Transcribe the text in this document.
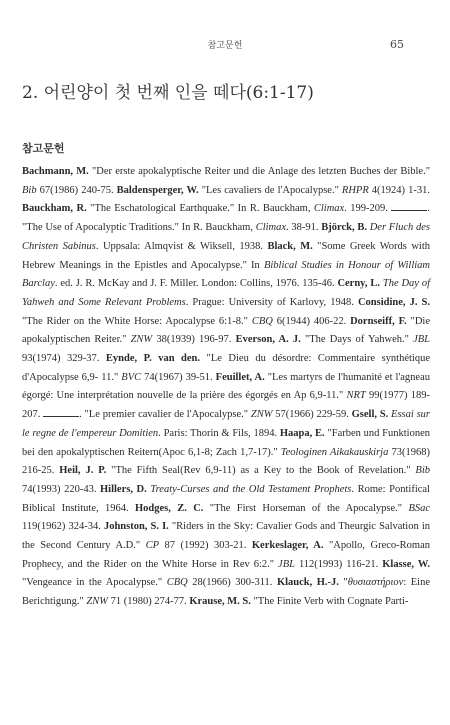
참고문헌	65
2. 어린양이 첫 번째 인을 떼다(6:1-17)
참고문헌
Bachmann, M. "Der erste apokalyptische Reiter und die Anlage des letzten Buches der Bible." Bib 67(1986) 240-75. Baldensperger, W. "Les cavaliers de l'Apocalypse." RHPR 4(1924) 1-31. Bauckham, R. "The Eschatological Earthquake." In R. Bauckham, Climax. 199-209.	. "The Use of Apocalyptic Traditions." In R. Bauckham, Climax. 38-91. Björck, B. Der Fluch des Christen Sabinus. Uppsala: Almqvist & Wiksell, 1938. Black, M. "Some Greek Words with Hebrew Meanings in the Epistles and Apocalypse." In Biblical Studies in Honour of William Barclay. ed. J. R. McKay and J. F. Miller. London: Collins, 1976. 135-46. Cerny, L. The Day of Yahweh and Some Relevant Problems. Prague: University of Karlovy, 1948. Considine, J. S. "The Rider on the White Horse: Apocalypse 6:1-8." CBQ 6(1944) 406-22. Dornseiff, F. "Die apokalyptischen Reiter." ZNW 38(1939) 196-97. Everson, A. J. "The Days of Yahweh." JBL 93(1974) 329-37. Eynde, P. van den. "Le Dieu du désordre: Commentaire synthétique d'Apocalypse 6,9- 11." BVC 74(1967) 39-51. Feuillet, A. "Les martyrs de l'humanité et l'agneau égorgé: Une interprétation nouvelle de la prière des égorgés en Ap 6,9-11." NRT 99(1977) 189-207.	. "Le premier cavalier de l'Apocalypse." ZNW 57(1966) 229-59. Gsell, S. Essai sur le regne de l'empereur Domitien. Paris: Thorin & Fils, 1894. Haapa, E. "Farben und Funktionen bei den apokalyptischen Reitern(Apoc 6,1-8; Zach 1,7-17)." Teologinen Aikakauskirja 73(1968) 216-25. Heil, J. P. "The Fifth Seal(Rev 6,9-11) as a Key to the Book of Revelation." Bib 74(1993) 220-43. Hillers, D. Treaty-Curses and the Old Testament Prophets. Rome: Pontifical Biblical Institute, 1964. Hodges, Z. C. "The First Horseman of the Apocalypse." BSac 119(1962) 324-34. Johnston, S. I. "Riders in the Sky: Cavalier Gods and Theurgic Salvation in the Second Century A.D." CP 87 (1992) 303-21. Kerkeslager, A. "Apollo, Greco-Roman Prophecy, and the Rider on the White Horse in Rev 6:2." JBL 112(1993) 116-21. Klasse, W. "Vengeance in the Apocalypse." CBQ 28(1966) 300-311. Klauck, H.-J. "θυσιαστήριον: Eine Berichtigung." ZNW 71 (1980) 274-77. Krause, M. S. "The Finite Verb with Cognate Parti-
